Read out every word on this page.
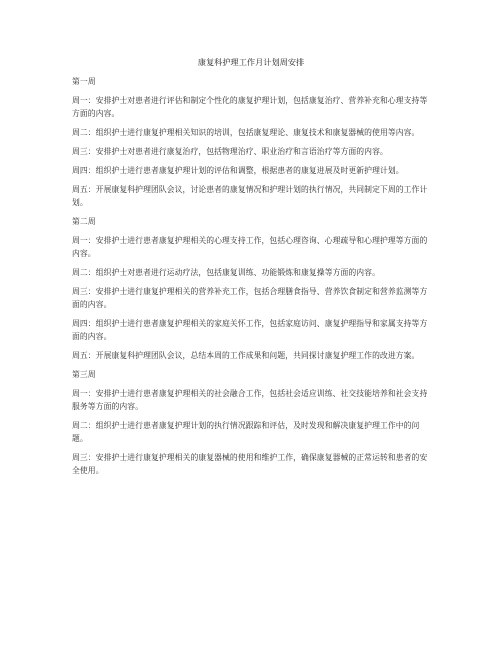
康复科护理工作月计划周安排
第一周
周一：安排护士对患者进行评估和制定个性化的康复护理计划，包括康复治疗、营养补充和心理支持等方面的内容。
周二：组织护士进行康复护理相关知识的培训，包括康复理论、康复技术和康复器械的使用等内容。
周三：安排护士对患者进行康复治疗，包括物理治疗、职业治疗和言语治疗等方面的内容。
周四：组织护士进行患者康复护理计划的评估和调整，根据患者的康复进展及时更新护理计划。
周五：开展康复科护理团队会议，讨论患者的康复情况和护理计划的执行情况，共同制定下周的工作计划。
第二周
周一：安排护士进行患者康复护理相关的心理支持工作，包括心理咨询、心理疏导和心理护理等方面的内容。
周二：组织护士对患者进行运动疗法，包括康复训练、功能锻炼和康复操等方面的内容。
周三：安排护士进行康复护理相关的营养补充工作，包括合理膳食指导、营养饮食制定和营养监测等方面的内容。
周四：组织护士进行患者康复护理相关的家庭关怀工作，包括家庭访问、康复护理指导和家属支持等方面的内容。
周五：开展康复科护理团队会议，总结本周的工作成果和问题，共同探讨康复护理工作的改进方案。
第三周
周一：安排护士进行患者康复护理相关的社会融合工作，包括社会适应训练、社交技能培养和社会支持服务等方面的内容。
周二：组织护士进行患者康复护理计划的执行情况跟踪和评估，及时发现和解决康复护理工作中的问题。
周三：安排护士进行康复护理相关的康复器械的使用和维护工作，确保康复器械的正常运转和患者的安全使用。
